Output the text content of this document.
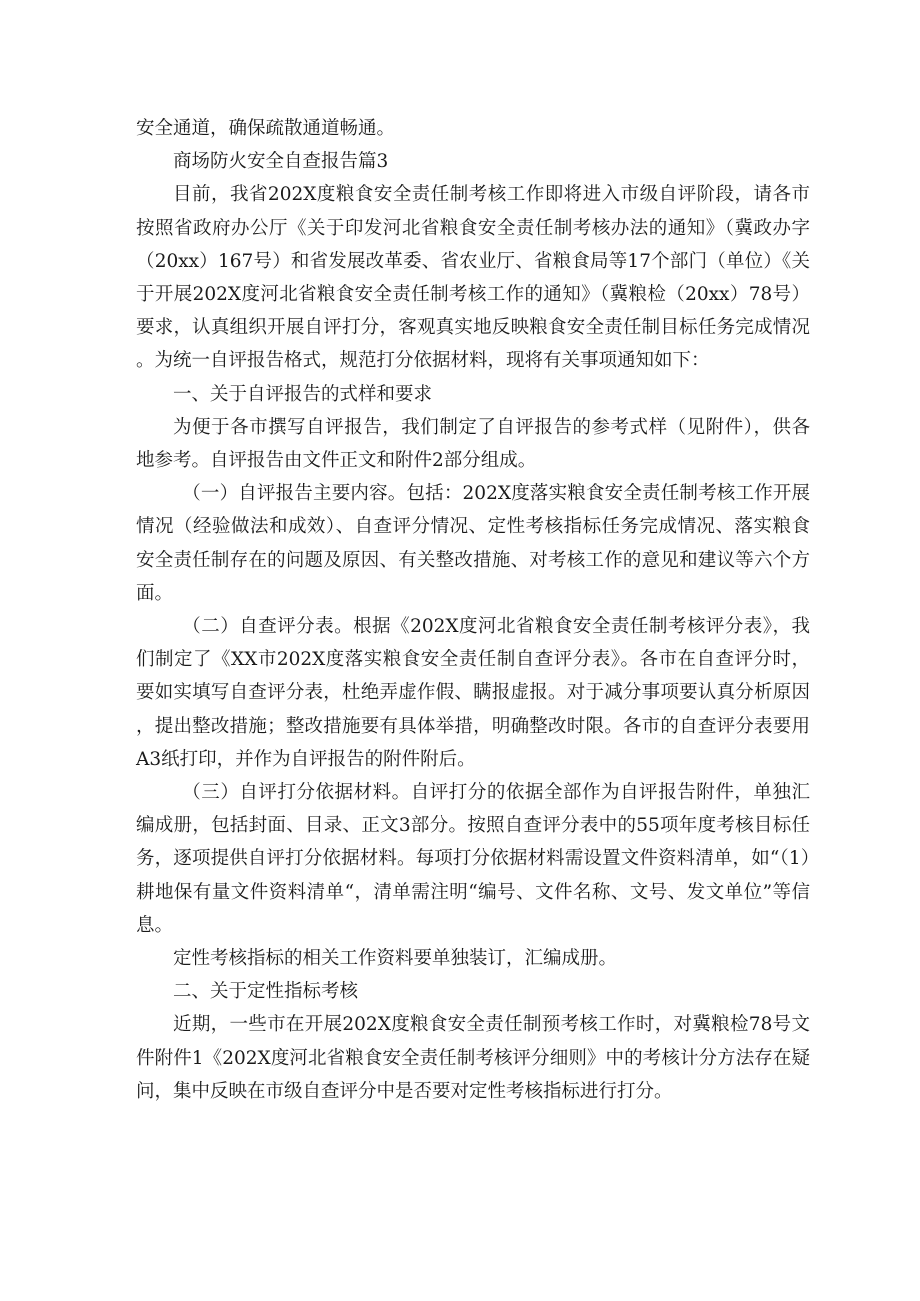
安全通道，确保疏散通道畅通。

商场防火安全自查报告篇3

目前，我省202X度粮食安全责任制考核工作即将进入市级自评阶段，请各市按照省政府办公厅《关于印发河北省粮食安全责任制考核办法的通知》（冀政办字（20xx）167号）和省发展改革委、省农业厅、省粮食局等17个部门（单位）《关于开展202X度河北省粮食安全责任制考核工作的通知》（冀粮检（20xx）78号）要求，认真组织开展自评打分，客观真实地反映粮食安全责任制目标任务完成情况。为统一自评报告格式，规范打分依据材料，现将有关事项通知如下：

一、关于自评报告的式样和要求

为便于各市撰写自评报告，我们制定了自评报告的参考式样（见附件），供各地参考。自评报告由文件正文和附件2部分组成。

（一）自评报告主要内容。包括：202X度落实粮食安全责任制考核工作开展情况（经验做法和成效）、自查评分情况、定性考核指标任务完成情况、落实粮食安全责任制存在的问题及原因、有关整改措施、对考核工作的意见和建议等六个方面。

（二）自查评分表。根据《202X度河北省粮食安全责任制考核评分表》，我们制定了《XX市202X度落实粮食安全责任制自查评分表》。各市在自查评分时，要如实填写自查评分表，杜绝弄虚作假、瞒报虚报。对于减分事项要认真分析原因，提出整改措施；整改措施要有具体举措，明确整改时限。各市的自查评分表要用A3纸打印，并作为自评报告的附件附后。

（三）自评打分依据材料。自评打分的依据全部作为自评报告附件，单独汇编成册，包括封面、目录、正文3部分。按照自查评分表中的55项年度考核目标任务，逐项提供自评打分依据材料。每项打分依据材料需设置文件资料清单，如“（1）耕地保有量文件资料清单“，清单需注明“编号、文件名称、文号、发文单位”等信息。

定性考核指标的相关工作资料要单独装订，汇编成册。

二、关于定性指标考核

近期，一些市在开展202X度粮食安全责任制预考核工作时，对冀粮检78号文件附件1《202X度河北省粮食安全责任制考核评分细则》中的考核计分方法存在疑问，集中反映在市级自查评分中是否要对定性考核指标进行打分。
